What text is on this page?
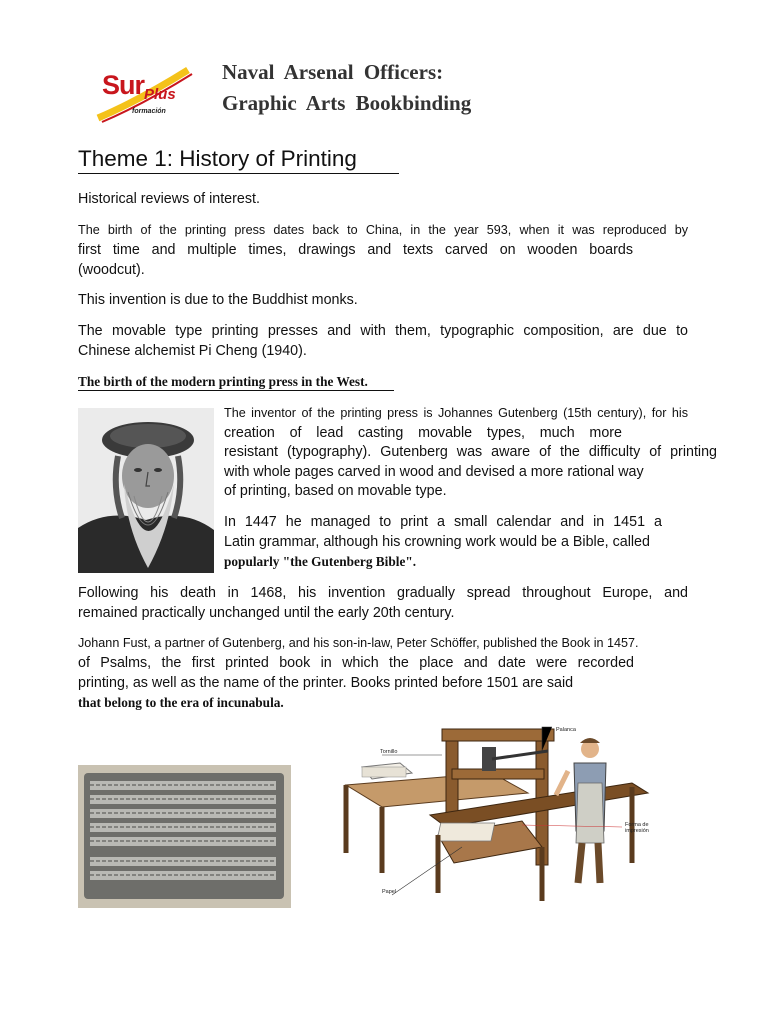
Sur Plus
formación
Naval Arsenal Officers:
Graphic Arts Bookbinding
Theme 1: History of Printing
Historical reviews of interest.
The birth of the printing press dates back to China, in the year 593, when it was reproduced by
first time and multiple times, drawings and texts carved on wooden boards
(woodcut).
This invention is due to the Buddhist monks.
The movable type printing presses and with them, typographic composition, are due to
Chinese alchemist Pi Cheng (1940).
The birth of the modern printing press in the West.
The inventor of the printing press is Johannes Gutenberg (15th century), for his
creation of lead casting movable types, much more
resistant (typography). Gutenberg was aware of the difficulty of printing
with whole pages carved in wood and devised a more rational way
of printing, based on movable type.
In 1447 he managed to print a small calendar and in 1451 a
Latin grammar, although his crowning work would be a Bible, called
popularly "the Gutenberg Bible".
Following his death in 1468, his invention gradually spread throughout Europe, and
remained practically unchanged until the early 20th century.
Johann Fust, a partner of Gutenberg, and his son-in-law, Peter Schöffer, published the Book in 1457.
of Psalms, the first printed book in which the place and date were recorded
printing, as well as the name of the printer. Books printed before 1501 are said
that belong to the era of incunabula.
Palanca
Tornillo
Forma de
impresión
Papel
